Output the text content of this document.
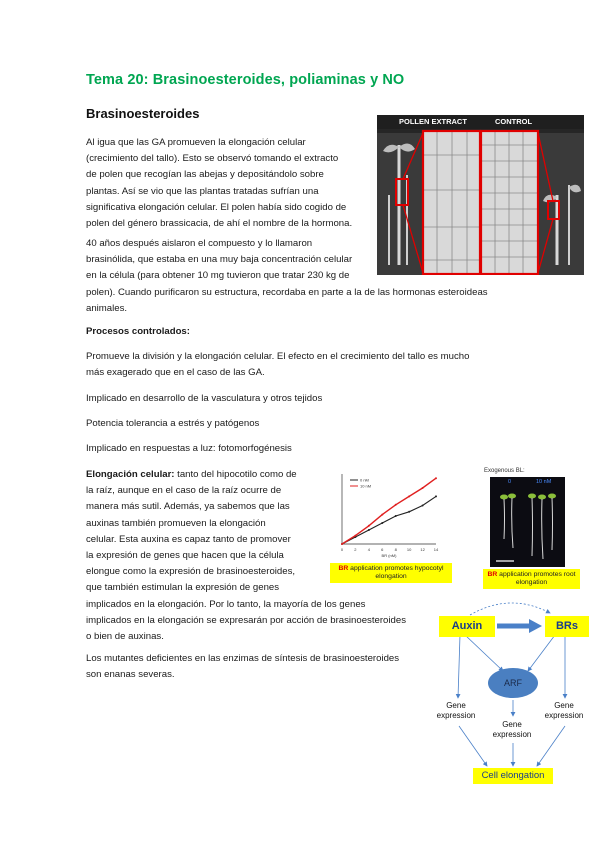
Tema 20: Brasinoesteroides, poliaminas y NO
Brasinoesteroides
Al igua que las GA promueven la elongación celular
(crecimiento del tallo). Esto se observó tomando el extracto
de polen que recogían las abejas y depositándolo sobre
plantas. Así se vio que las plantas tratadas sufrían una
significativa elongación celular. El polen había sido cogido de
polen del género brassicacia, de ahí el nombre de la hormona.
40 años después aislaron el compuesto y lo llamaron
brasinólida, que estaba en una muy baja concentración celular
en la célula (para obtener 10 mg tuvieron que tratar 230 kg de
polen). Cuando purificaron su estructura, recordaba en parte a la de las hormonas esteroideas
animales.
POLLEN EXTRACT	CONTROL
Procesos controlados:
Promueve la división y la elongación celular. El efecto en el crecimiento del tallo es mucho
más exagerado que en el caso de las GA.
Implicado en desarrollo de la vasculatura y otros tejidos
Potencia tolerancia a estrés y patógenos
Implicado en respuestas a luz: fotomorfogénesis
Elongación celular: tanto del hipocotilo como de
la raíz, aunque en el caso de la raíz ocurre de
manera más sutil. Además, ya sabemos que las
auxinas también promueven la elongación
celular. Esta auxina es capaz tanto de promover
la expresión de genes que hacen que la célula
elongue como la expresión de brasinoesteroides,
que también estimulan la expresión de genes
implicados en la elongación. Por lo tanto, la mayoría de los genes
implicados en la elongación se expresarán por acción de brasinoesteroides
o bien de auxinas.
Los mutantes deficientes en las enzimas de síntesis de brasinoesteroides
son enanas severas.
0	2	4	6	8	10 12 14
BR (nM)
0 nM
10 nM
BR application promotes hypocotyl elongation
Exogenous BL:
0	10 nM
BR application promotes root elongation
Auxin	BRs
ARF
Gene expression
Gene expression
Gene expression
Cell elongation
